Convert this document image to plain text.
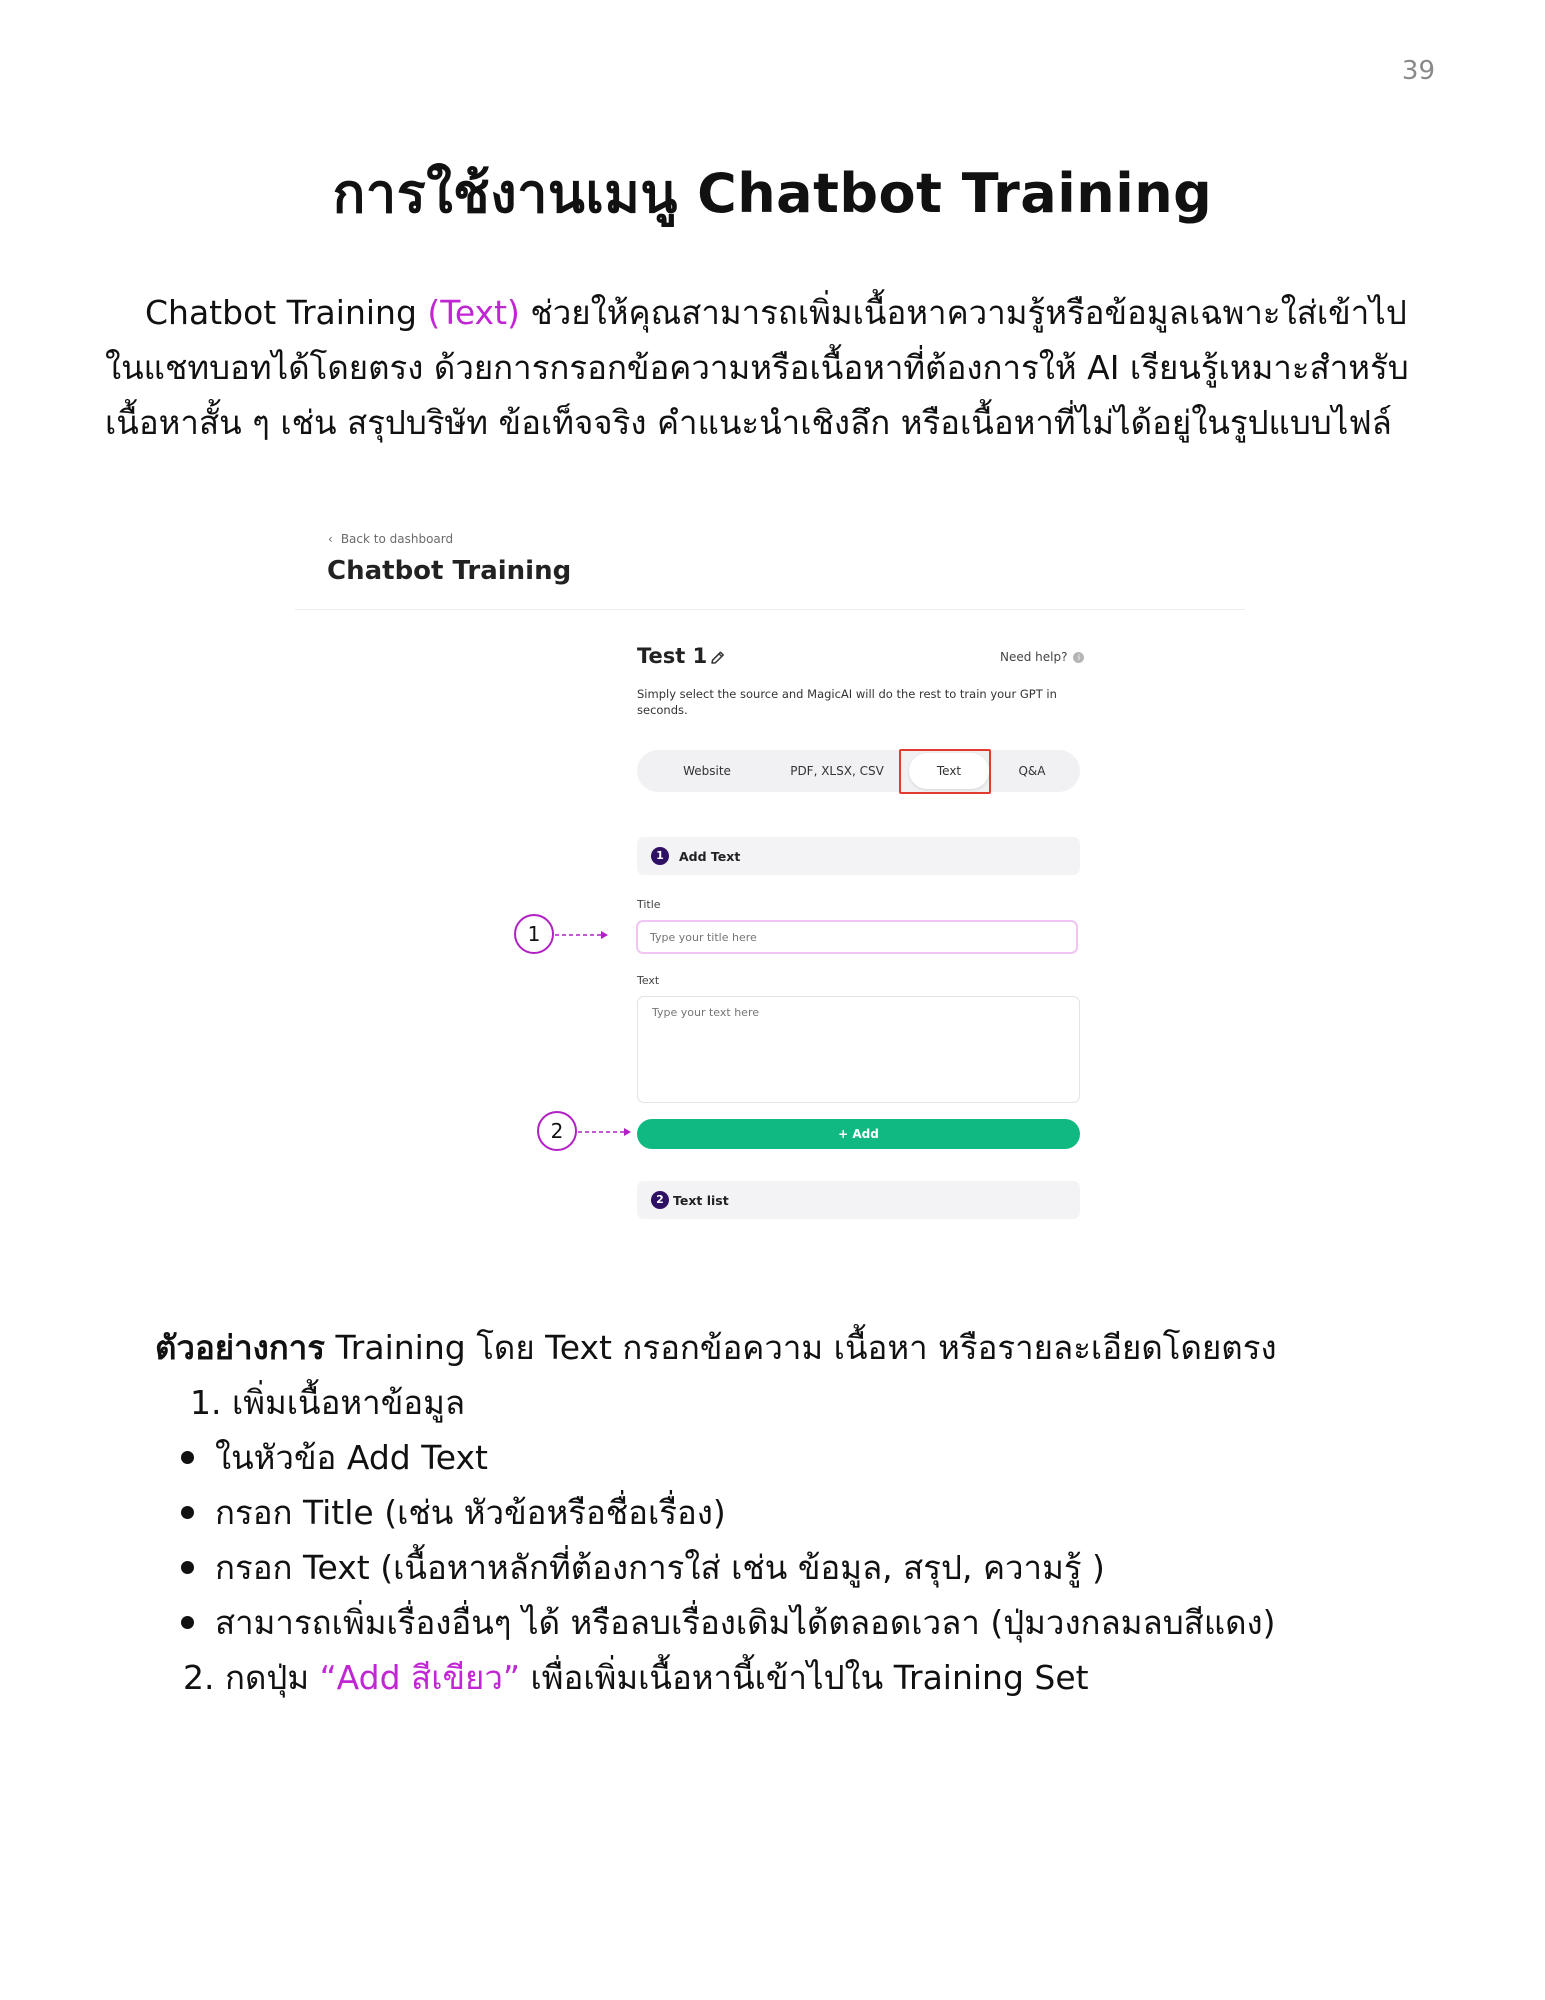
39
การใช้งานเมนู Chatbot Training

Chatbot Training (Text) ช่วยให้คุณสามารถเพิ่มเนื้อหาความรู้หรือข้อมูลเฉพาะใส่เข้าไป

ในแชทบอทได้โดยตรง ด้วยการกรอกข้อความหรือเนื้อหาที่ต้องการให้ AI เรียนรู้เหมาะสำหรับ

เนื้อหาสั้น ๆ เช่น สรุปบริษัท ข้อเท็จจริง คำแนะนำเชิงลึก หรือเนื้อหาที่ไม่ได้อยู่ในรูปแบบไฟล์

‹ Back to dashboard
Chatbot Training
Test 1	Need help?	i
Simply select the source and MagicAI will do the rest to train your GPT in seconds.
Website	PDF, XLSX, CSV	Text	Q&A
1	Add Text
Title
Type your title here
Text
Type your text here
+ Add
2 Text list
1
2

ตัวอย่างการ Training โดย Text กรอกข้อความ เนื้อหา หรือรายละเอียดโดยตรง

1. เพิ่มเนื้อหาข้อมูล

ในหัวข้อ Add Text

กรอก Title (เช่น หัวข้อหรือชื่อเรื่อง)

กรอก Text (เนื้อหาหลักที่ต้องการใส่ เช่น ข้อมูล, สรุป, ความรู้ )

สามารถเพิ่มเรื่องอื่นๆ ได้ หรือลบเรื่องเดิมได้ตลอดเวลา (ปุ่มวงกลมลบสีแดง)

2. กดปุ่ม “Add สีเขียว” เพื่อเพิ่มเนื้อหานี้เข้าไปใน Training Set
